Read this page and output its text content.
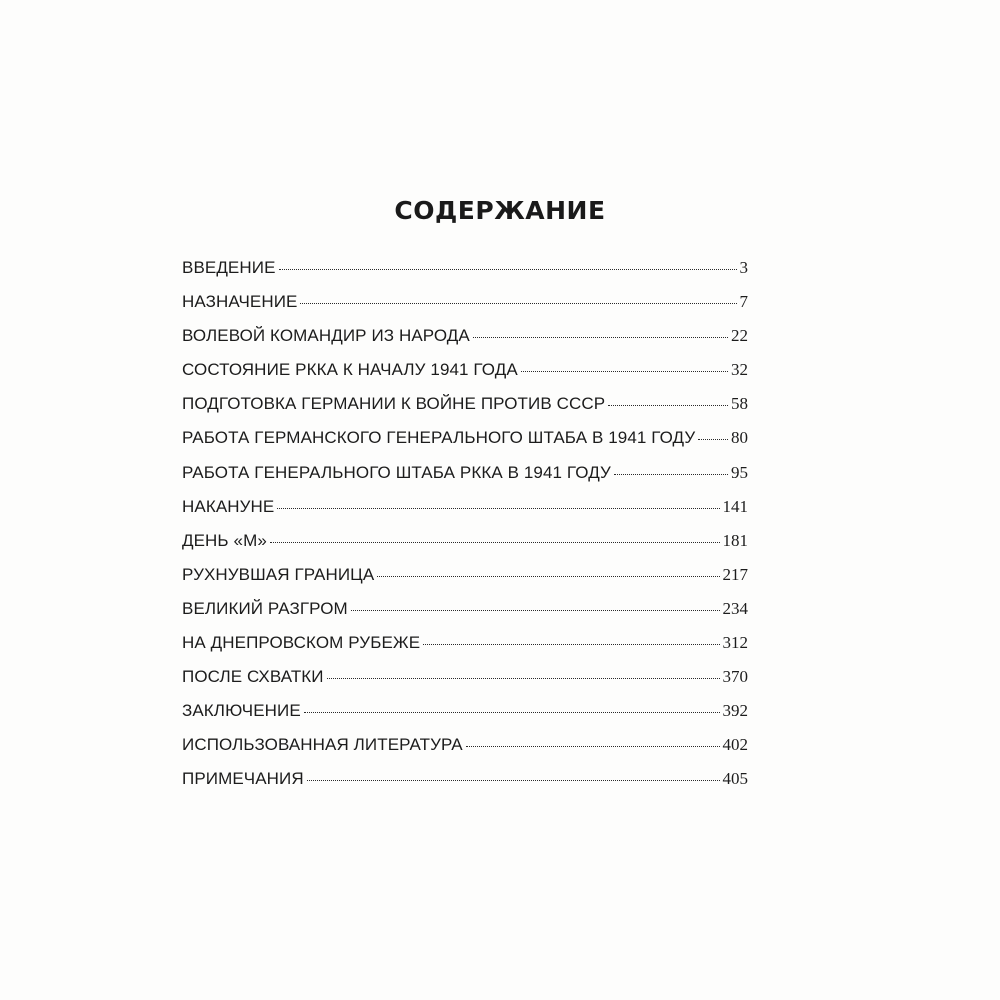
СОДЕРЖАНИЕ
ВВЕДЕНИЕ	3
НАЗНАЧЕНИЕ	7
ВОЛЕВОЙ КОМАНДИР ИЗ НАРОДА	22
СОСТОЯНИЕ РККА К НАЧАЛУ 1941 ГОДА	32
ПОДГОТОВКА ГЕРМАНИИ К ВОЙНЕ ПРОТИВ СССР	58
РАБОТА ГЕРМАНСКОГО ГЕНЕРАЛЬНОГО ШТАБА В 1941 ГОДУ 80
РАБОТА ГЕНЕРАЛЬНОГО ШТАБА РККА В 1941 ГОДУ	95
НАКАНУНЕ	141
ДЕНЬ «М»	181
РУХНУВШАЯ ГРАНИЦА	217
ВЕЛИКИЙ РАЗГРОМ	234
НА ДНЕПРОВСКОМ РУБЕЖЕ	312
ПОСЛЕ СХВАТКИ	370
ЗАКЛЮЧЕНИЕ	392
ИСПОЛЬЗОВАННАЯ ЛИТЕРАТУРА	402
ПРИМЕЧАНИЯ	405
